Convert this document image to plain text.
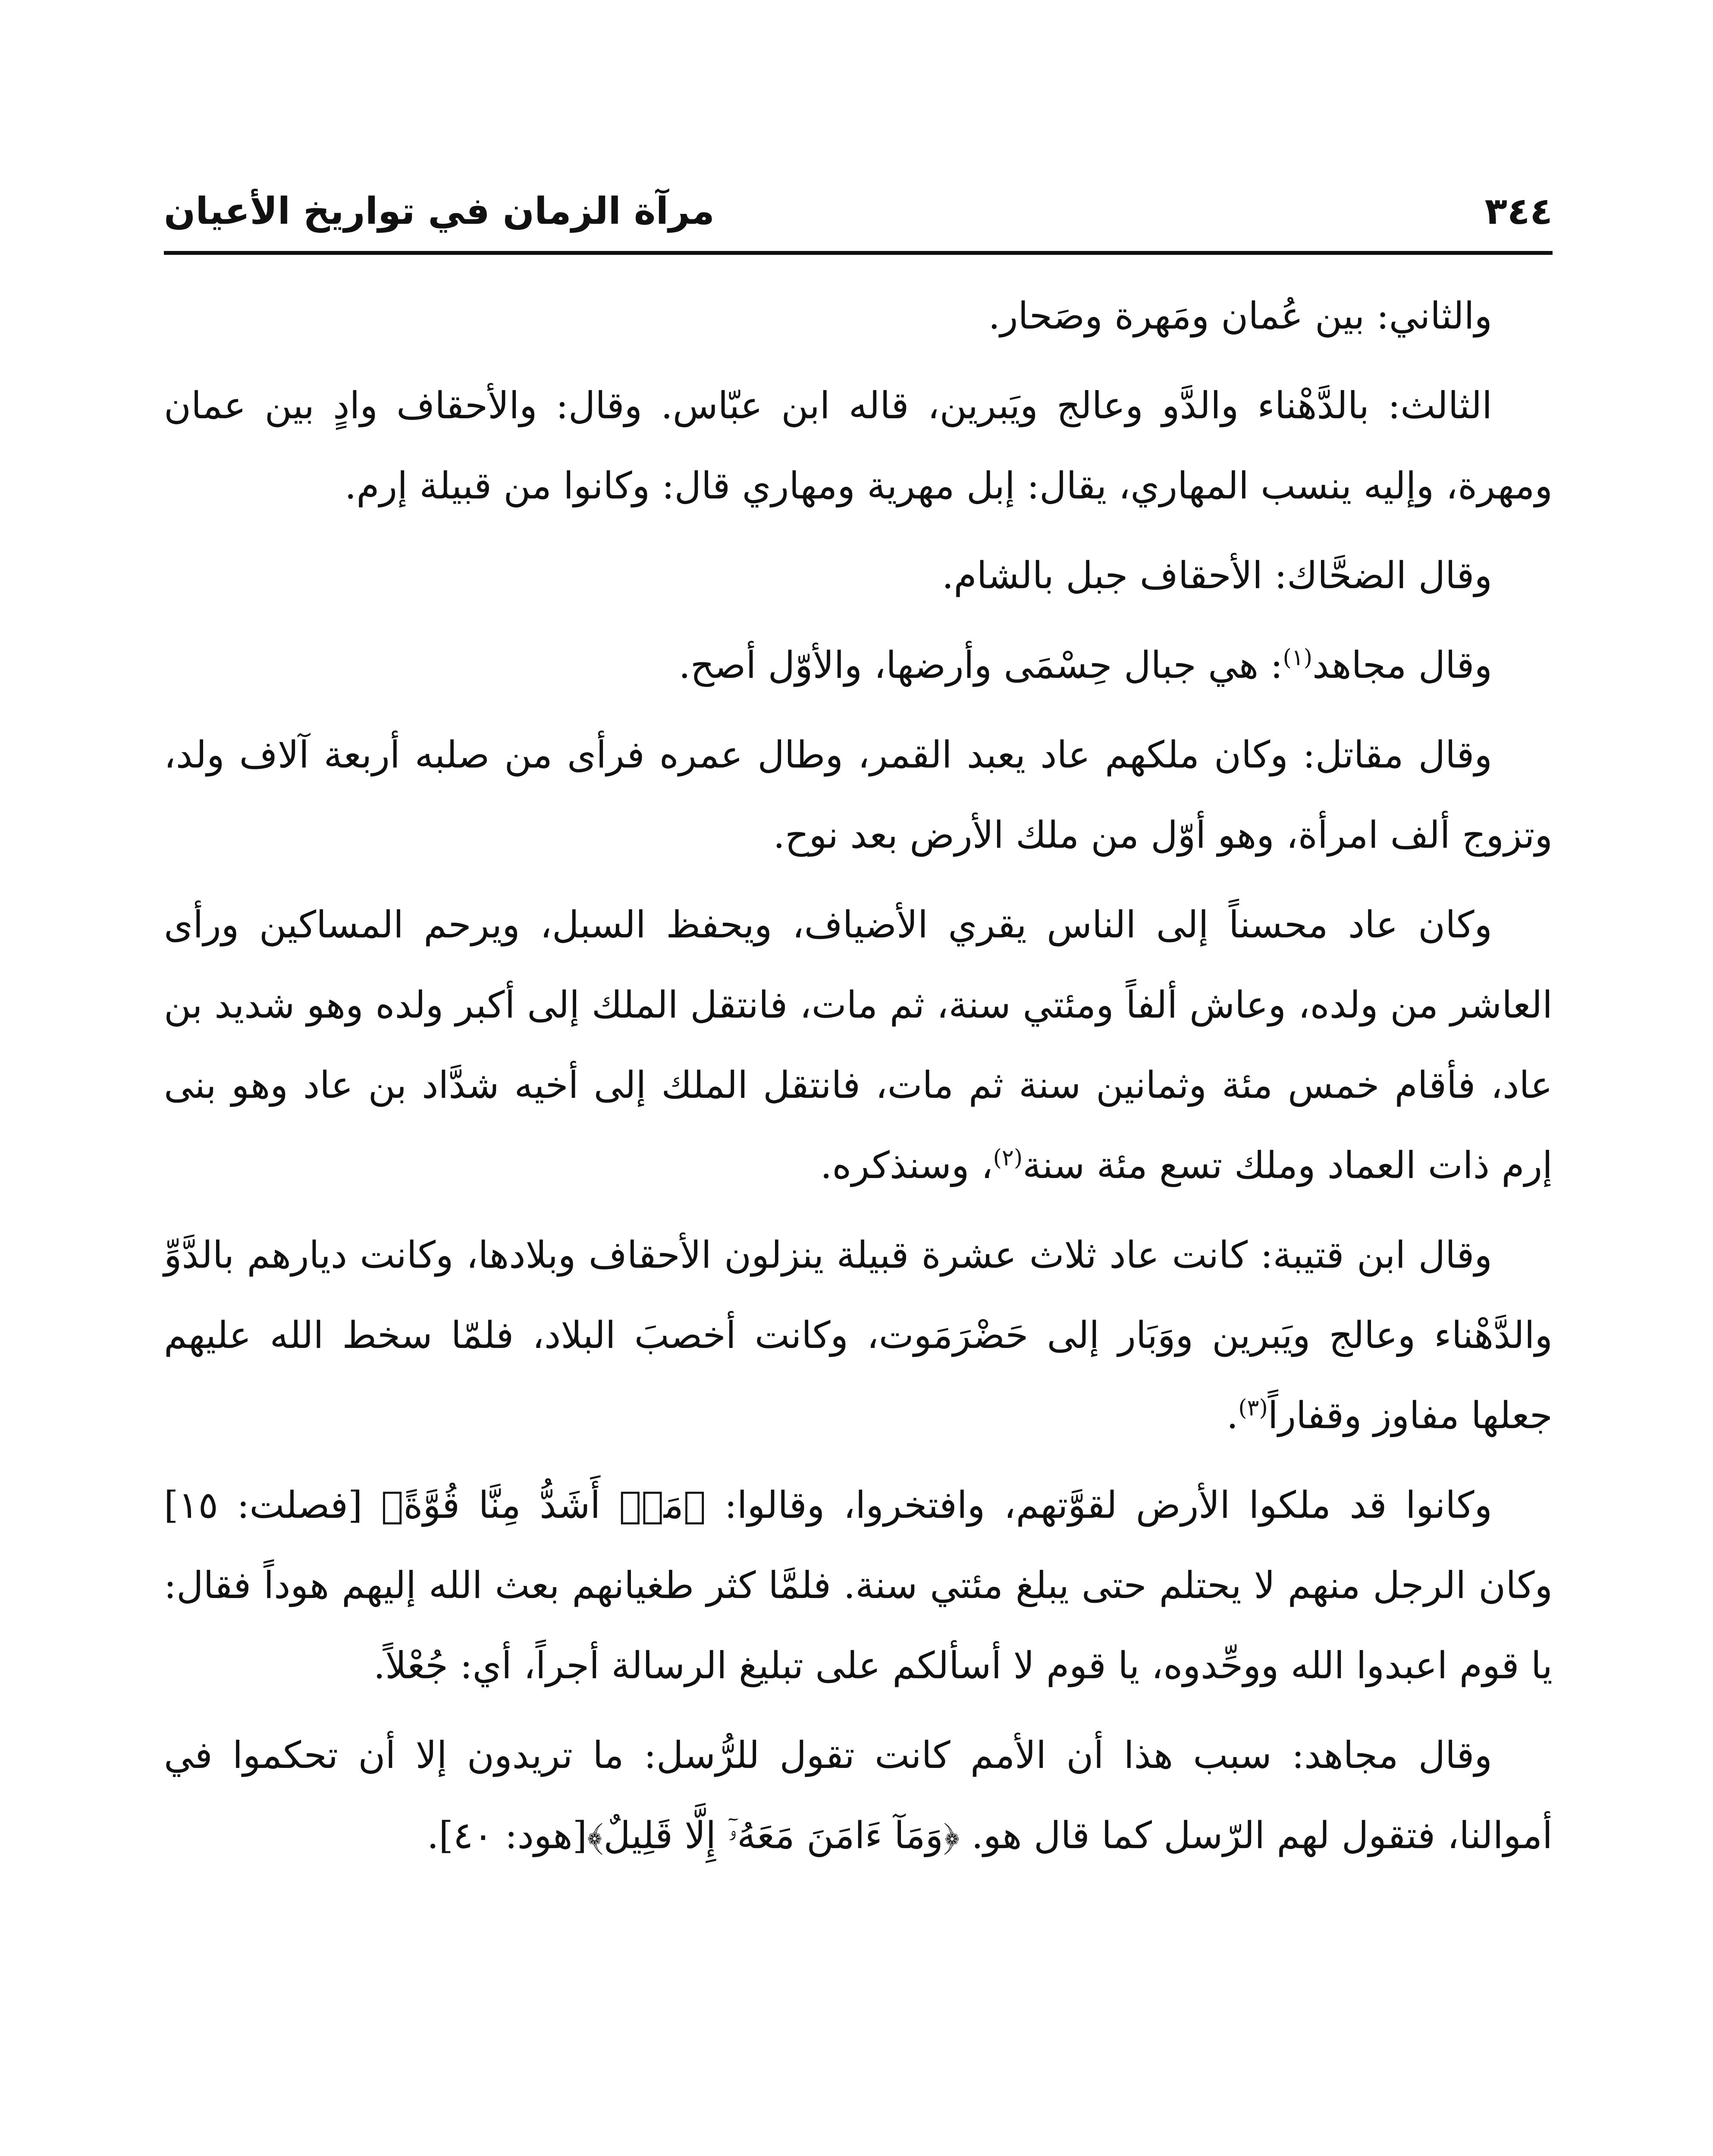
٣٤٤
مرآة الزمان في تواريخ الأعيان

والثاني: بين عُمان ومَهرة وصَحار.

الثالث: بالدَّهْناء والدَّو وعالج ويَبرين، قاله ابن عبّاس. وقال: والأحقاف وادٍ بين عمان ومهرة، وإليه ينسب المهاري، يقال: إبل مهرية ومهاري قال: وكانوا من قبيلة إرم.

وقال الضحَّاك: الأحقاف جبل بالشام.

وقال مجاهد$^{(١)}$: هي جبال حِسْمَى وأرضها، والأوّل أصح.

وقال مقاتل: وكان ملكهم عاد يعبد القمر، وطال عمره فرأى من صلبه أربعة آلاف ولد، وتزوج ألف امرأة، وهو أوّل من ملك الأرض بعد نوح.

وكان عاد محسناً إلى الناس يقري الأضياف، ويحفظ السبل، ويرحم المساكين ورأى العاشر من ولده، وعاش ألفاً ومئتي سنة، ثم مات، فانتقل الملك إلى أكبر ولده وهو شديد بن عاد، فأقام خمس مئة وثمانين سنة ثم مات، فانتقل الملك إلى أخيه شدَّاد بن عاد وهو بنى إرم ذات العماد وملك تسع مئة سنة$^{(٢)}$، وسنذكره.

وقال ابن قتيبة: كانت عاد ثلاث عشرة قبيلة ينزلون الأحقاف وبلادها، وكانت ديارهم بالدَّوِّ والدَّهْناء وعالج ويَبرين ووَبَار إلى حَضْرَمَوت، وكانت أخصبَ البلاد، فلمّا سخط الله عليهم جعلها مفاوز وقفاراً$^{(٣)}$.

وكانوا قد ملكوا الأرض لقوَّتهم، وافتخروا، وقالوا: ﴿مَنۡ أَشَدُّ مِنَّا قُوَّةً﴾ [فصلت: ١٥] وكان الرجل منهم لا يحتلم حتى يبلغ مئتي سنة. فلمَّا كثر طغيانهم بعث الله إليهم هوداً فقال: يا قوم اعبدوا الله ووحِّدوه، يا قوم لا أسألكم على تبليغ الرسالة أجراً، أي: جُعْلاً.

وقال مجاهد: سبب هذا أن الأمم كانت تقول للرُّسل: ما تريدون إلا أن تحكموا في أموالنا، فتقول لهم الرّسل كما قال هو. ﴿وَمَآ ءَامَنَ مَعَهُۥٓ إِلَّا قَلِيلٌ﴾[هود: ٤٠].
